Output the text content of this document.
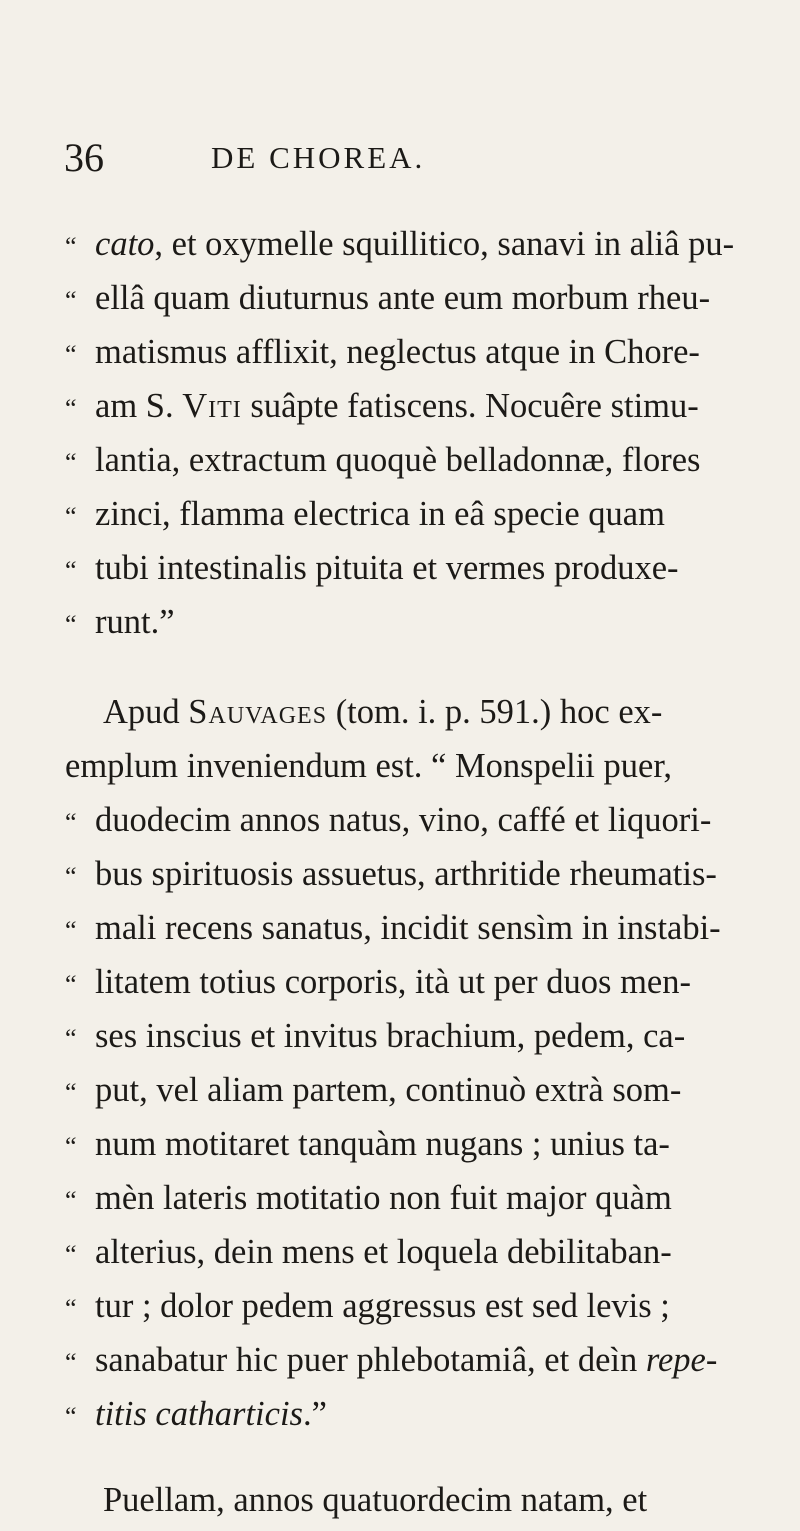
36	DE CHOREA.
“ cato, et oxymelle squillitico, sanavi in aliâ pu-
“ ellâ quam diuturnus ante eum morbum rheu-
“ matismus afflixit, neglectus atque in Chore-
“ am S. Viti suâpte fatiscens. Nocuêre stimu-
“ lantia, extractum quoquè belladonnæ, flores
“ zinci, flamma electrica in eâ specie quam
“ tubi intestinalis pituita et vermes produxe-
“ runt.”
Apud Sauvages (tom. i. p. 591.) hoc ex-
emplum inveniendum est. “ Monspelii puer,
“ duodecim annos natus, vino, caffé et liquori-
“ bus spirituosis assuetus, arthritide rheumatis-
“ mali recens sanatus, incidit sensìm in instabi-
“ litatem totius corporis, ità ut per duos men-
“ ses inscius et invitus brachium, pedem, ca-
“ put, vel aliam partem, continuò extrà som-
“ num motitaret tanquàm nugans ; unius ta-
“ mèn lateris motitatio non fuit major quàm
“ alterius, dein mens et loquela debilitaban-
“ tur ; dolor pedem aggressus est sed levis ;
“ sanabatur hic puer phlebotamiâ, et deìn repe-
“ titis catharticis.”
Puellam, annos quatuordecim natam, et
